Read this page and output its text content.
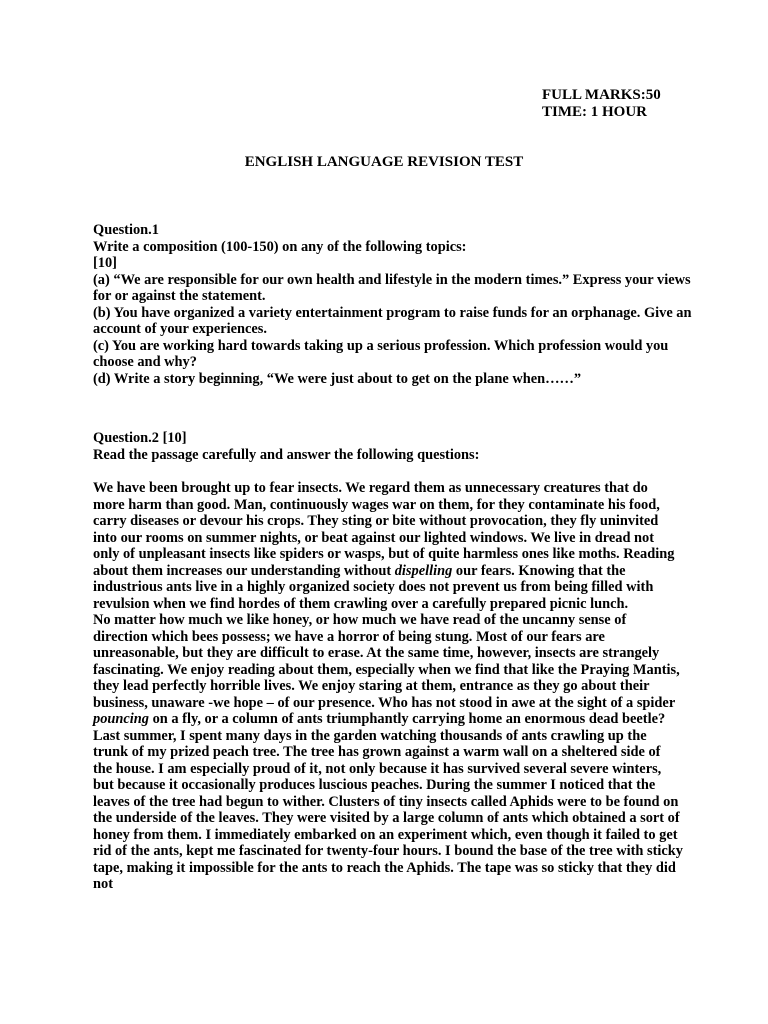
FULL MARKS:50
TIME: 1 HOUR
ENGLISH LANGUAGE REVISION TEST

Question.1

Write a composition (100-150) on any of the following topics:

[10]

(a) “We are responsible for our own health and lifestyle in the modern times.” Express your views for or against the statement.

(b) You have organized a variety entertainment program to raise funds for an orphanage. Give an account of your experiences.

(c) You are working hard towards taking up a serious profession. Which profession would you choose and why?

(d) Write a story beginning, “We were just about to get on the plane when……”

Question.2 [10]

Read the passage carefully and answer the following questions:

We have been brought up to fear insects. We regard them as unnecessary creatures that do more harm than good. Man, continuously wages war on them, for they contaminate his food, carry diseases or devour his crops. They sting or bite without provocation, they fly uninvited into our rooms on summer nights, or beat against our lighted windows. We live in dread not only of unpleasant insects like spiders or wasps, but of quite harmless ones like moths. Reading about them increases our understanding without dispelling our fears. Knowing that the industrious ants live in a highly organized society does not prevent us from being filled with revulsion when we find hordes of them crawling over a carefully prepared picnic lunch.

No matter how much we like honey, or how much we have read of the uncanny sense of direction which bees possess; we have a horror of being stung. Most of our fears are unreasonable, but they are difficult to erase. At the same time, however, insects are strangely fascinating. We enjoy reading about them, especially when we find that like the Praying Mantis, they lead perfectly horrible lives. We enjoy staring at them, entrance as they go about their business, unaware -we hope – of our presence. Who has not stood in awe at the sight of a spider pouncing on a fly, or a column of ants triumphantly carrying home an enormous dead beetle?

Last summer, I spent many days in the garden watching thousands of ants crawling up the trunk of my prized peach tree. The tree has grown against a warm wall on a sheltered side of the house. I am especially proud of it, not only because it has survived several severe winters, but because it occasionally produces luscious peaches. During the summer I noticed that the leaves of the tree had begun to wither. Clusters of tiny insects called Aphids were to be found on the underside of the leaves. They were visited by a large column of ants which obtained a sort of honey from them. I immediately embarked on an experiment which, even though it failed to get rid of the ants, kept me fascinated for twenty-four hours. I bound the base of the tree with sticky tape, making it impossible for the ants to reach the Aphids. The tape was so sticky that they did not
